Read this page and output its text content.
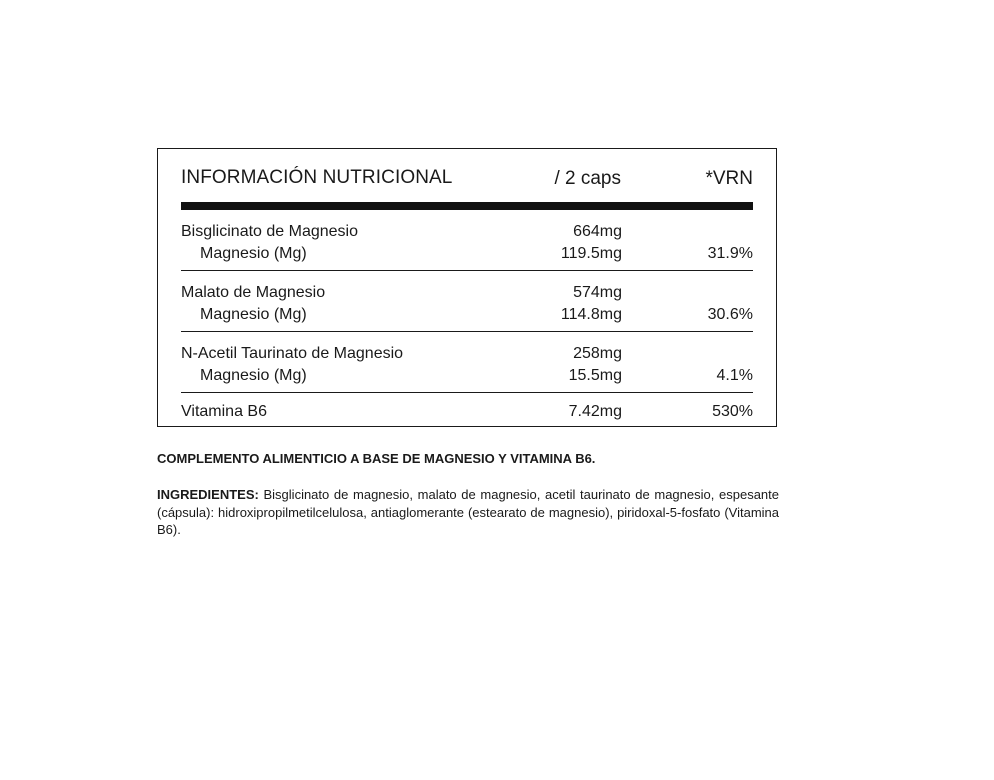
INFORMACIÓN NUTRICIONAL	/ 2 caps	*VRN
Bisglicinato de Magnesio	664mg
Magnesio (Mg)	119.5mg	31.9%
Malato de Magnesio	574mg
Magnesio (Mg)	114.8mg	30.6%
N-Acetil Taurinato de Magnesio	258mg
Magnesio (Mg)	15.5mg	4.1%
Vitamina B6	7.42mg	530%
COMPLEMENTO ALIMENTICIO A BASE DE MAGNESIO Y VITAMINA B6.
INGREDIENTES: Bisglicinato de magnesio, malato de magnesio, acetil taurinato de magnesio, espesante (cápsula): hidroxipropilmetilcelulosa, antiaglomerante (estearato de magnesio), piridoxal-5-fosfato (Vitamina B6).
